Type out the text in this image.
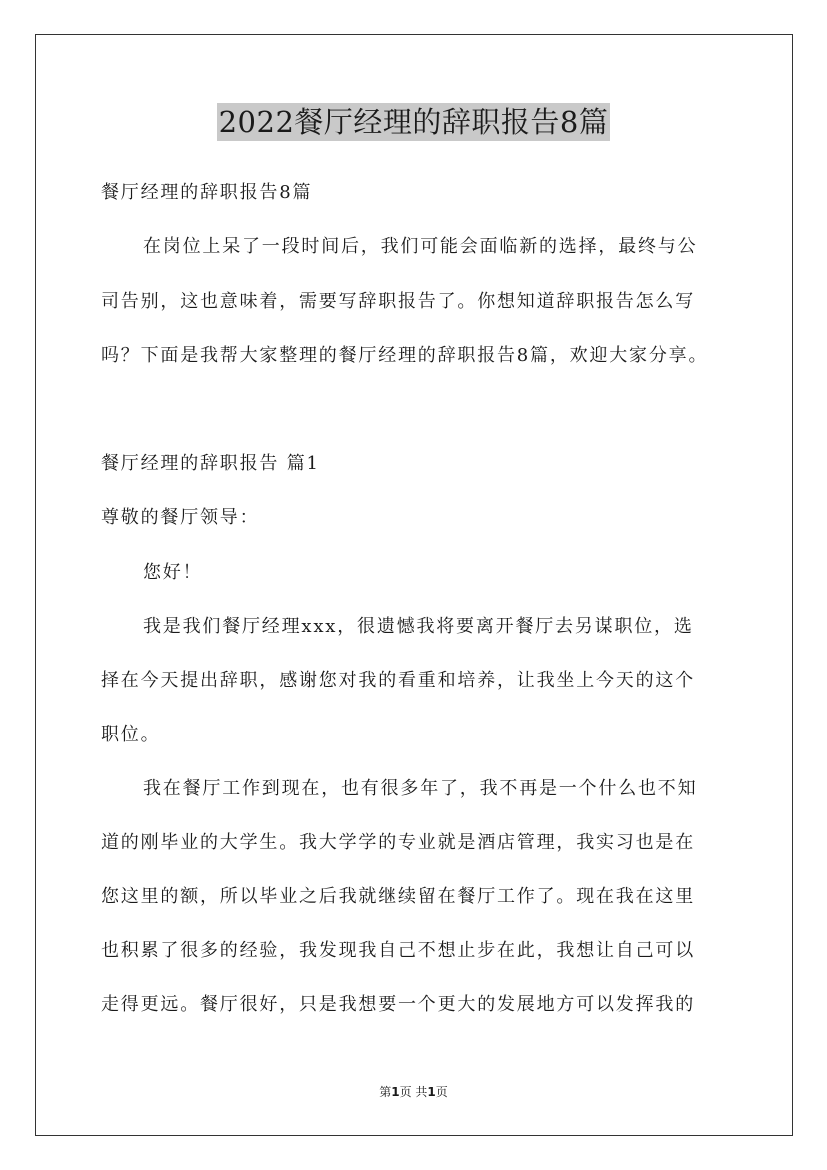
2022餐厅经理的辞职报告8篇
餐厅经理的辞职报告8篇
在岗位上呆了一段时间后，我们可能会面临新的选择，最终与公
司告别，这也意味着，需要写辞职报告了。你想知道辞职报告怎么写
吗？下面是我帮大家整理的餐厅经理的辞职报告8篇，欢迎大家分享。
餐厅经理的辞职报告 篇1
尊敬的餐厅领导：
您好！
我是我们餐厅经理xxx，很遗憾我将要离开餐厅去另谋职位，选
择在今天提出辞职，感谢您对我的看重和培养，让我坐上今天的这个
职位。
我在餐厅工作到现在，也有很多年了，我不再是一个什么也不知
道的刚毕业的大学生。我大学学的专业就是酒店管理，我实习也是在
您这里的额，所以毕业之后我就继续留在餐厅工作了。现在我在这里
也积累了很多的经验，我发现我自己不想止步在此，我想让自己可以
走得更远。餐厅很好，只是我想要一个更大的发展地方可以发挥我的
第1页 共1页
